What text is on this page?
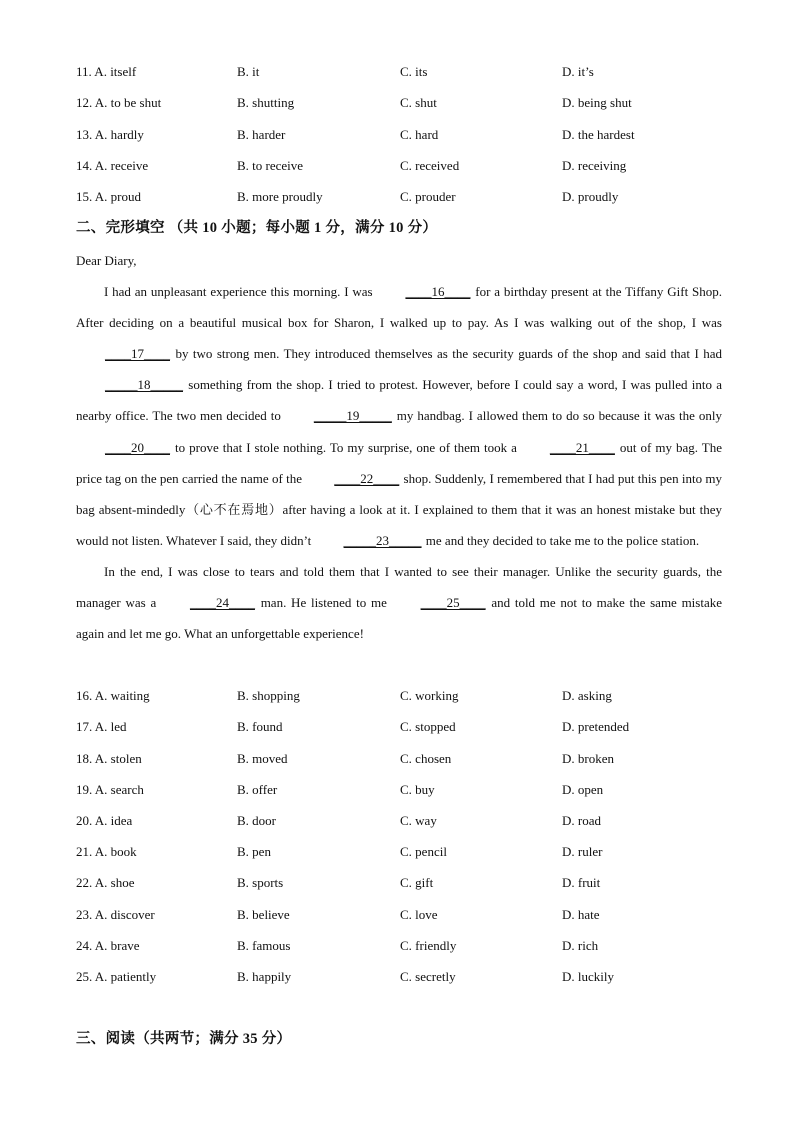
11. A. itself	B. it	C. its	D. it’s
12. A. to be shut	B. shutting	C. shut	D. being shut
13. A. hardly	B. harder	C. hard	D. the hardest
14. A. receive	B. to receive	C. received	D. receiving
15. A. proud	B. more proudly	C. prouder	D. proudly
二、完形填空 （共 10 小题；每小题 1 分，满分 10 分）

Dear Diary,

I had an unpleasant experience this morning. I was ____16____ for a birthday present at the Tiffany Gift Shop. After deciding on a beautiful musical box for Sharon, I walked up to pay. As I was walking out of the shop, I was ____17____ by two strong men. They introduced themselves as the security guards of the shop and said that I had _____18_____ something from the shop. I tried to protest. However, before I could say a word, I was pulled into a nearby office. The two men decided to _____19_____ my handbag. I allowed them to do so because it was the only ____20____ to prove that I stole nothing. To my surprise, one of them took a ____21____ out of my bag. The price tag on the pen carried the name of the ____22____ shop. Suddenly, I remembered that I had put this pen into my bag absent-mindedly（心不在焉地）after having a look at it. I explained to them that it was an honest mistake but they would not listen. Whatever I said, they didn’t _____23_____ me and they decided to take me to the police station.

In the end, I was close to tears and told them that I wanted to see their manager. Unlike the security guards, the manager was a ____24____ man. He listened to me ____25____ and told me not to make the same mistake again and let me go. What an unforgettable experience!

16. A. waiting	B. shopping	C. working	D. asking
17. A. led	B. found	C. stopped	D. pretended
18. A. stolen	B. moved	C. chosen	D. broken
19. A. search	B. offer	C. buy	D. open
20. A. idea	B. door	C. way	D. road
21. A. book	B. pen	C. pencil	D. ruler
22. A. shoe	B. sports	C. gift	D. fruit
23. A. discover	B. believe	C. love	D. hate
24. A. brave	B. famous	C. friendly	D. rich
25. A. patiently	B. happily	C. secretly	D. luckily
三、阅读（共两节；满分 35 分）
